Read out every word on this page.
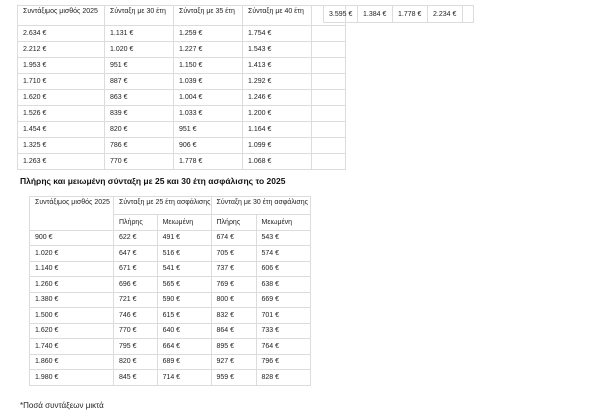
Συντάξιμος μισθός 2025	Σύνταξη με 30 έτη	Σύνταξη με 35 έτη	Σύνταξη με 40 έτη	
2.634 €	1.131 €	1.259 €	1.754 €	
2.212 €	1.020 €	1.227 €	1.543 €	
1.953 €	951 €	1.150 €	1.413 €	
1.710 €	887 €	1.039 €	1.292 €	
1.620 €	863 €	1.004 €	1.246 €	
1.526 €	839 €	1.033 €	1.200 €	
1.454 €	820 €	951 €	1.164 €	
1.325 €	786 €	906 €	1.099 €	
1.263 €	770 €	1.778 €	1.068 €	
3.595 €	1.384 €	1.778 €	2.234 €	

Πλήρης και μειωμένη σύνταξη με 25 και 30 έτη ασφάλισης το 2025

Συντάξιμος μισθός 2025	Σύνταξη με 25 έτη ασφάλισης		Σύνταξη με 30 έτη ασφάλισης	
	Πλήρης	Μειωμένη	Πλήρης	Μειωμένη
900 €	622 €	491 €	674 €	543 €
1.020 €	647 €	516 €	705 €	574 €
1.140 €	671 €	541 €	737 €	606 €
1.260 €	696 €	565 €	769 €	638 €
1.380 €	721 €	590 €	800 €	669 €
1.500 €	746 €	615 €	832 €	701 €
1.620 €	770 €	640 €	864 €	733 €
1.740 €	795 €	664 €	895 €	764 €
1.860 €	820 €	689 €	927 €	796 €
1.980 €	845 €	714 €	959 €	828 €

*Ποσά συντάξεων μικτά
